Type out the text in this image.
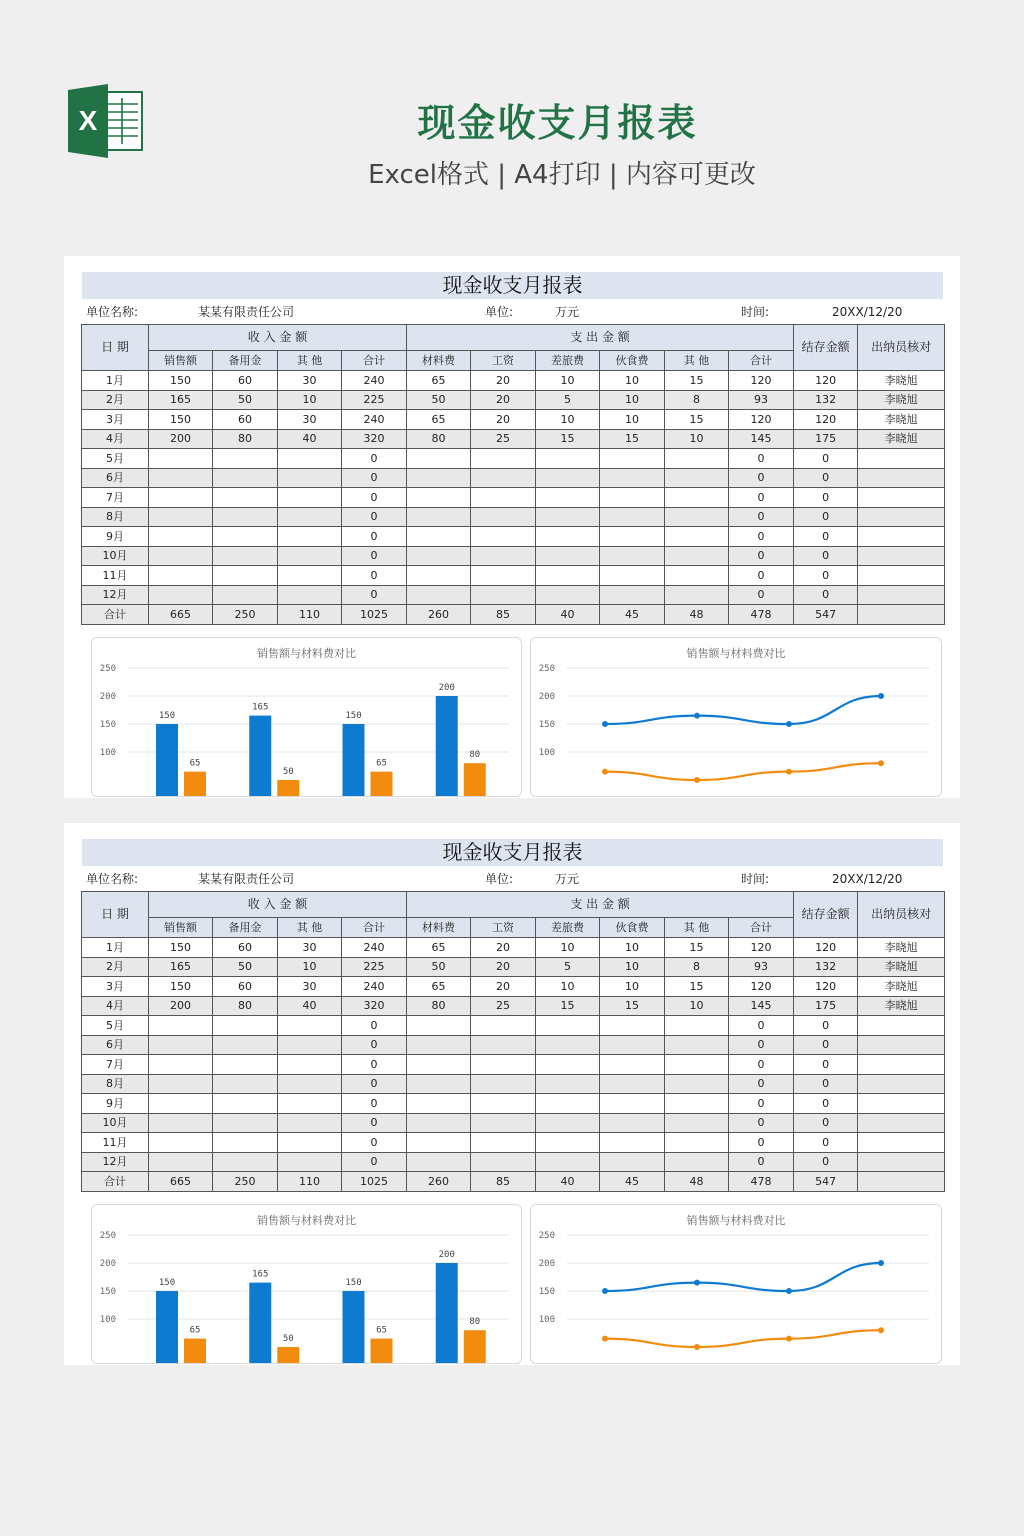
X	现金收支月报表
Excel格式 | A4打印 | 内容可更改
现金收支月报表
单位名称:	某某有限责任公司	单位:	万元	时间:	20XX/12/20
日 期	收 入 金 额				支 出 金 额						结存金额	出纳员核对
	销售额	备用金	其 他	合计	材料费	工资	差旅费	伙食费	其 他	合计		
1月	150	60	30	240	65	20	10	10	15	120	120	李晓旭
2月	165	50	10	225	50	20	5	10	8	93	132	李晓旭
3月	150	60	30	240	65	20	10	10	15	120	120	李晓旭
4月	200	80	40	320	80	25	15	15	10	145	175	李晓旭
5月				0						0	0	
6月				0						0	0	
7月				0						0	0	
8月				0						0	0	
9月				0						0	0	
10月				0						0	0	
11月				0						0	0	
12月				0						0	0	
合计	665	250	110	1025	260	85	40	45	48	478	547	
销售额与材料费对比
250
200
150
100
150
65
165
50
150
65
200
80
销售额与材料费对比
250
200
150
100
现金收支月报表
单位名称:	某某有限责任公司	单位:	万元	时间:	20XX/12/20
日 期	收 入 金 额				支 出 金 额						结存金额	出纳员核对
	销售额	备用金	其 他	合计	材料费	工资	差旅费	伙食费	其 他	合计		
1月	150	60	30	240	65	20	10	10	15	120	120	李晓旭
2月	165	50	10	225	50	20	5	10	8	93	132	李晓旭
3月	150	60	30	240	65	20	10	10	15	120	120	李晓旭
4月	200	80	40	320	80	25	15	15	10	145	175	李晓旭
5月				0						0	0	
6月				0						0	0	
7月				0						0	0	
8月				0						0	0	
9月				0						0	0	
10月				0						0	0	
11月				0						0	0	
12月				0						0	0	
合计	665	250	110	1025	260	85	40	45	48	478	547	
销售额与材料费对比
250
200
150
100
150
65
165
50
150
65
200
80
销售额与材料费对比
250
200
150
100
